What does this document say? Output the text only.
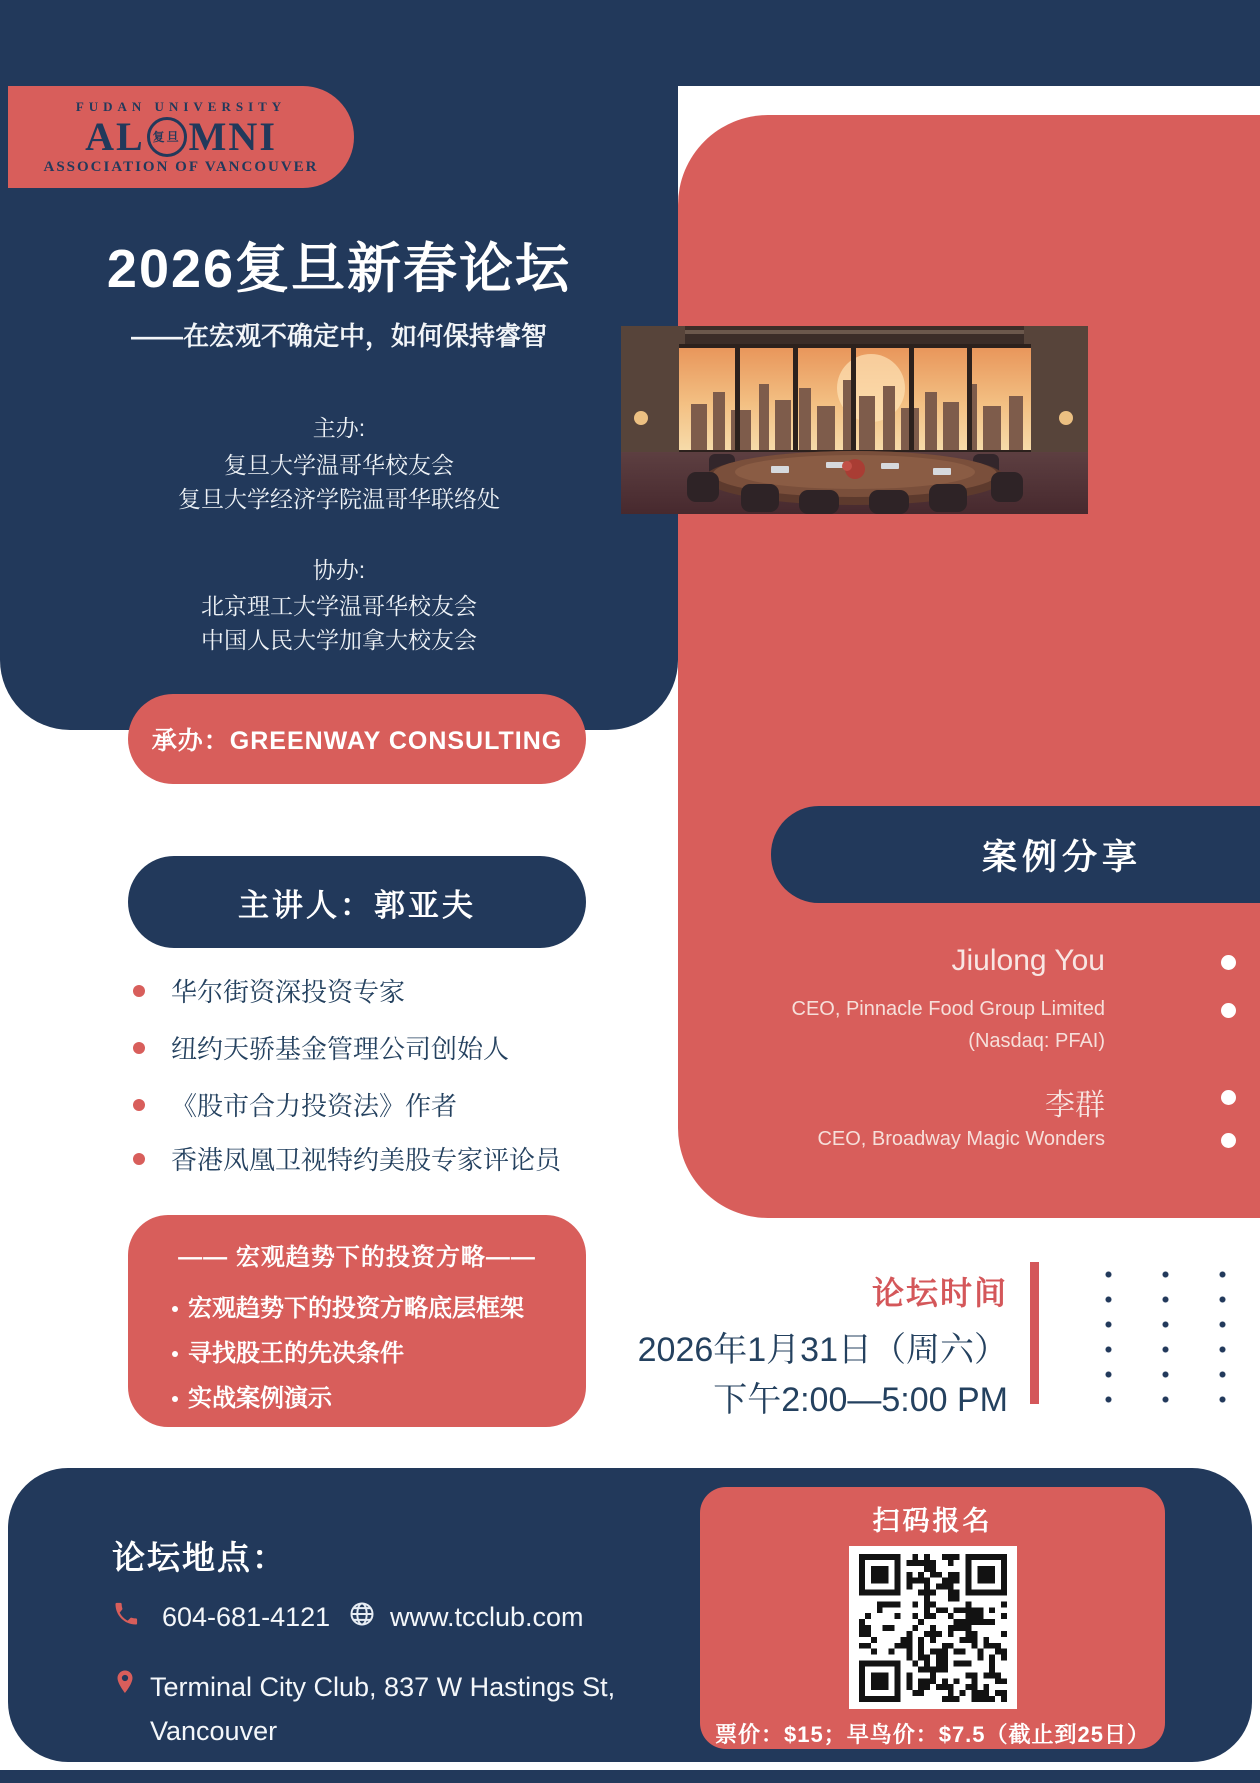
FUDAN UNIVERSITY
AL 复旦 MNI
ASSOCIATION OF VANCOUVER
2026复旦新春论坛
——在宏观不确定中，如何保持睿智
主办:
复旦大学温哥华校友会
复旦大学经济学院温哥华联络处
协办:
北京理工大学温哥华校友会
中国人民大学加拿大校友会
承办：GREENWAY CONSULTING
主讲人：郭亚夫
华尔街资深投资专家
纽约天骄基金管理公司创始人
《股市合力投资法》作者
香港凤凰卫视特约美股专家评论员
—— 宏观趋势下的投资方略——
宏观趋势下的投资方略底层框架
寻找股王的先决条件
实战案例演示
案例分享
Jiulong You
CEO, Pinnacle Food Group Limited
(Nasdaq: PFAI)
李群
CEO, Broadway Magic Wonders
论坛时间
2026年1月31日（周六）
下午2:00—5:00 PM
论坛地点：
604-681-4121 www.tcclub.com
Terminal City Club, 837 W Hastings St,
Vancouver
扫码报名
票价：$15；早鸟价：$7.5（截止到25日）
